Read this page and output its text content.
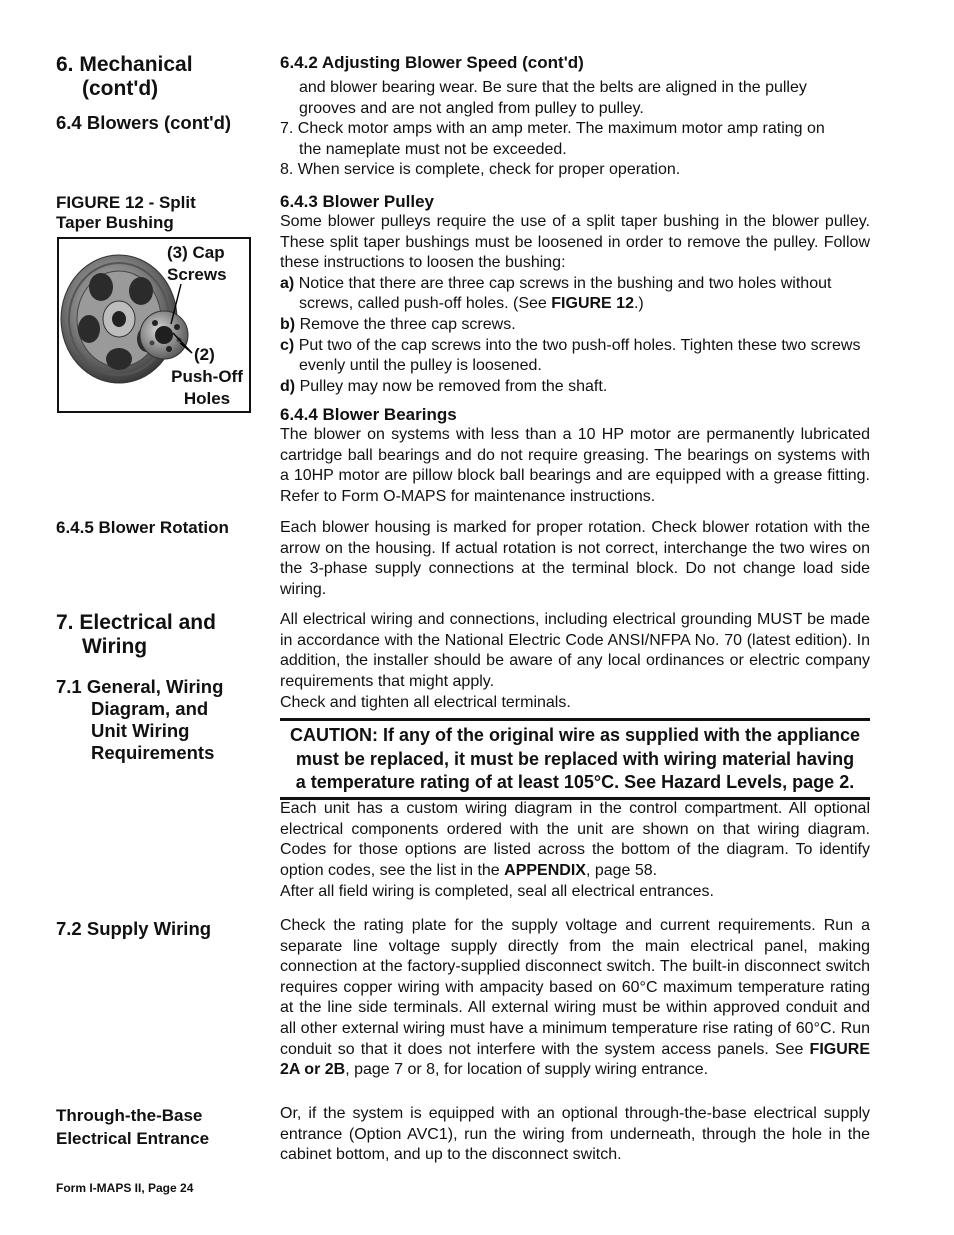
6. Mechanical
(cont'd)
6.4 Blowers (cont'd)
FIGURE 12 - Split
Taper Bushing
(3) Cap
Screws
(2)
Push-Off
Holes
6.4.5 Blower Rotation
7. Electrical and
Wiring
7.1 General, Wiring
Diagram, and
Unit Wiring
Requirements
7.2 Supply Wiring
Through-the-Base
Electrical Entrance
6.4.2 Adjusting Blower Speed (cont'd)

and blower bearing wear. Be sure that the belts are aligned in the pulley

grooves and are not angled from pulley to pulley.

7. Check motor amps with an amp meter. The maximum motor amp rating on

the nameplate must not be exceeded.

8. When service is complete, check for proper operation.

6.4.3 Blower Pulley

Some blower pulleys require the use of a split taper bushing in the blower pulley. These split taper bushings must be loosened in order to remove the pulley. Follow these instructions to loosen the bushing:

a) Notice that there are three cap screws in the bushing and two holes without screws, called push-off holes. (See FIGURE 12.)

b) Remove the three cap screws.

c) Put two of the cap screws into the two push-off holes. Tighten these two screws evenly until the pulley is loosened.

d) Pulley may now be removed from the shaft.

6.4.4 Blower Bearings

The blower on systems with less than a 10 HP motor are permanently lubricated cartridge ball bearings and do not require greasing. The bearings on systems with a 10HP motor are pillow block ball bearings and are equipped with a grease fitting. Refer to Form O-MAPS for maintenance instructions.

Each blower housing is marked for proper rotation. Check blower rotation with the arrow on the housing. If actual rotation is not correct, interchange the two wires on the 3-phase supply connections at the terminal block. Do not change load side wiring.

All electrical wiring and connections, including electrical grounding MUST be made in accordance with the National Electric Code ANSI/NFPA No. 70 (latest edition). In addition, the installer should be aware of any local ordinances or electric company requirements that might apply.

Check and tighten all electrical terminals.

CAUTION: If any of the original wire as supplied with the appliance
must be replaced, it must be replaced with wiring material having
a temperature rating of at least 105°C. See Hazard Levels, page 2.

Each unit has a custom wiring diagram in the control compartment. All optional electrical components ordered with the unit are shown on that wiring diagram. Codes for those options are listed across the bottom of the diagram. To identify option codes, see the list in the APPENDIX, page 58.

After all field wiring is completed, seal all electrical entrances.

Check the rating plate for the supply voltage and current requirements. Run a separate line voltage supply directly from the main electrical panel, making connection at the factory-supplied disconnect switch. The built-in disconnect switch requires copper wiring with ampacity based on 60°C maximum temperature rating at the line side terminals. All external wiring must be within approved conduit and all other external wiring must have a minimum temperature rise rating of 60°C. Run conduit so that it does not interfere with the system access panels. See FIGURE 2A or 2B, page 7 or 8, for location of supply wiring entrance.

Or, if the system is equipped with an optional through-the-base electrical supply entrance (Option AVC1), run the wiring from underneath, through the hole in the cabinet bottom, and up to the disconnect switch.

Form I-MAPS II, Page 24
